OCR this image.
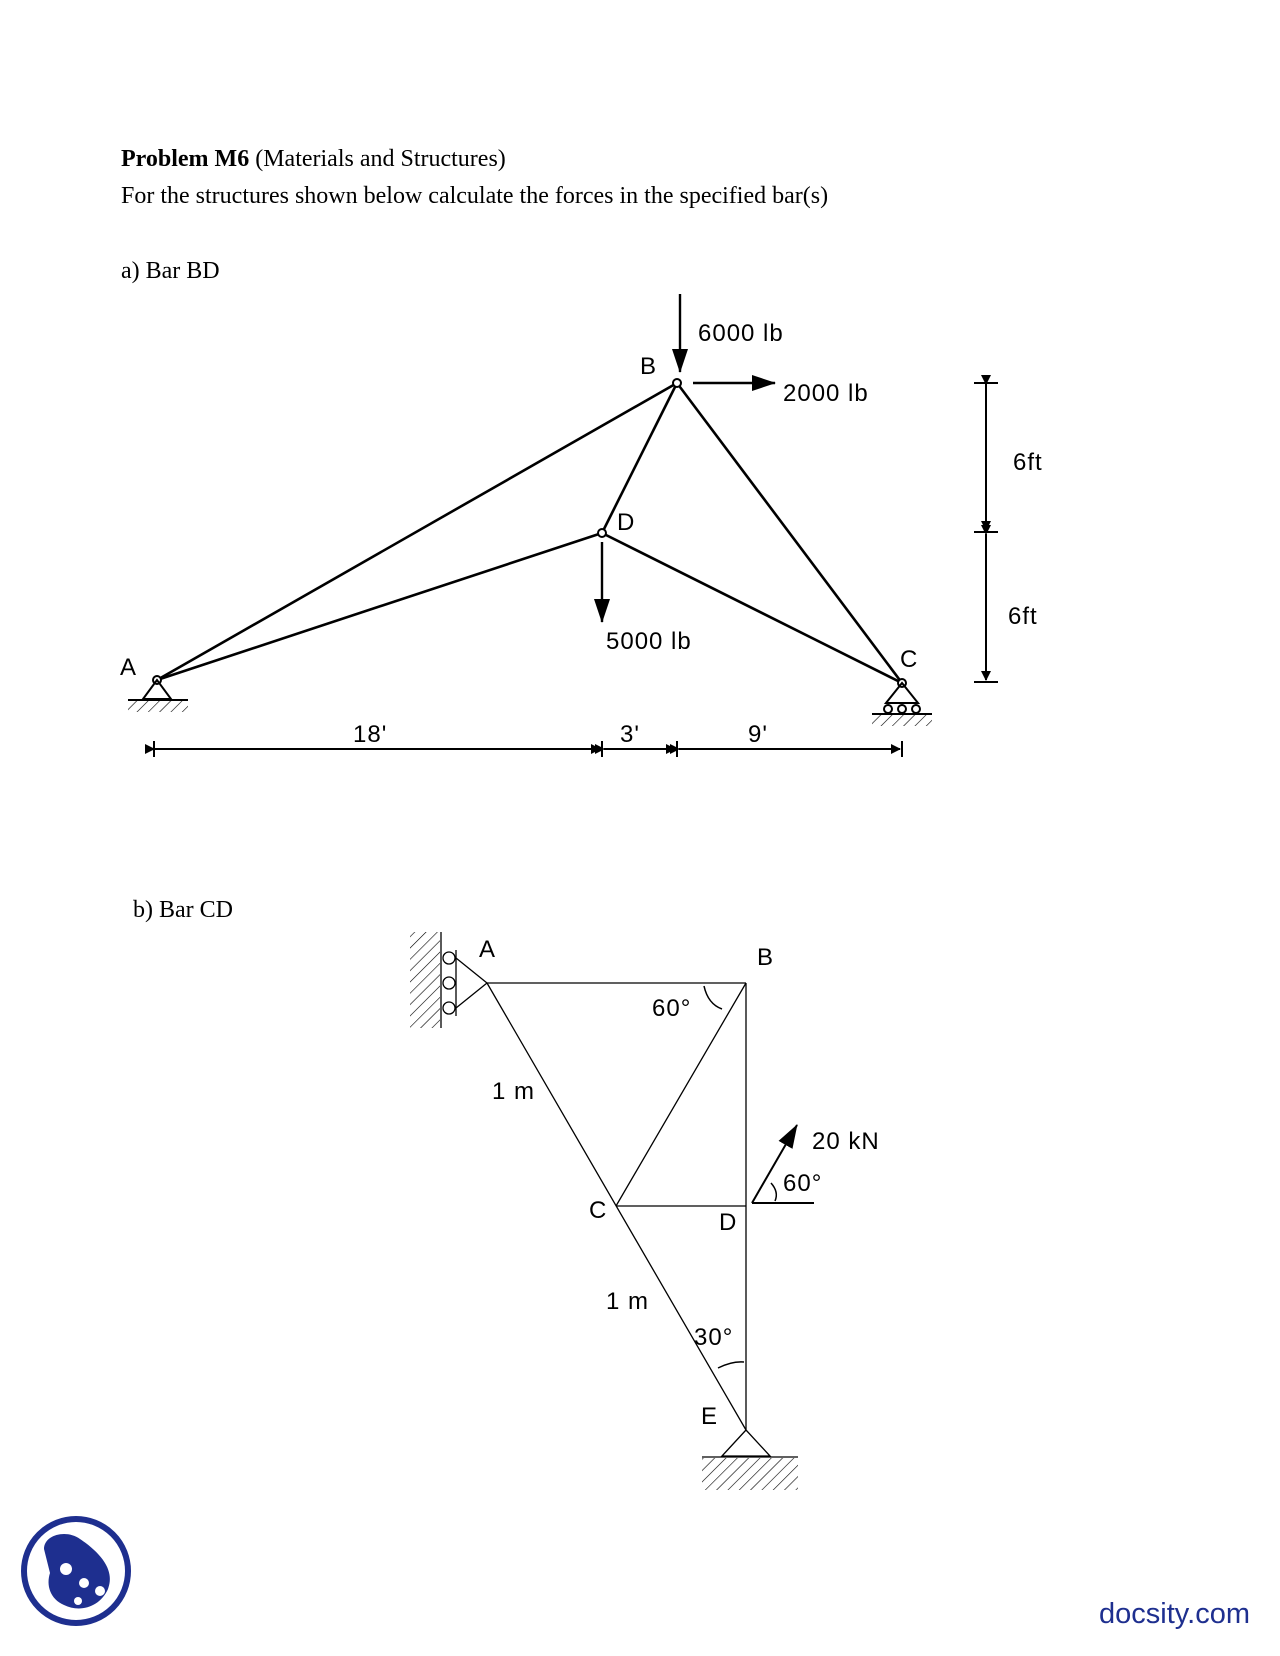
Problem M6 (Materials and Structures)
For the structures shown below calculate the forces in the specified bar(s)
a) Bar BD
b) Bar CD
A
B
C
D
6000 lb
2000 lb
5000 lb
18'	3'	9'
6ft
6ft
A	B
C	D
E
60°
60°
30°
1 m
1 m
20 kN
docsity.com
